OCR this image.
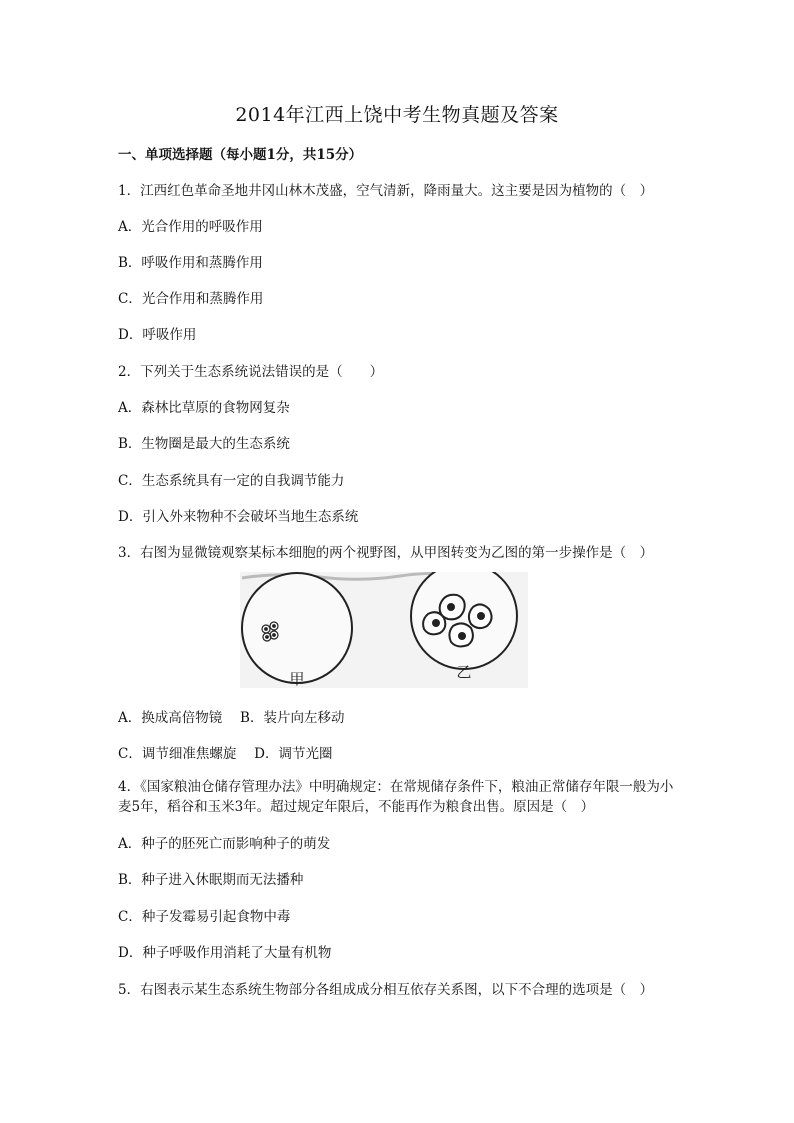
2014年江西上饶中考生物真题及答案
一、单项选择题（每小题1分，共15分）
1．江西红色革命圣地井冈山林木茂盛，空气清新，降雨量大。这主要是因为植物的（　）
A．光合作用的呼吸作用
B．呼吸作用和蒸腾作用
C．光合作用和蒸腾作用
D．呼吸作用
2．下列关于生态系统说法错误的是（　　）
A．森林比草原的食物网复杂
B．生物圈是最大的生态系统
C．生态系统具有一定的自我调节能力
D．引入外来物种不会破坏当地生态系统
3．右图为显微镜观察某标本细胞的两个视野图，从甲图转变为乙图的第一步操作是（　）
甲	乙
A．换成高倍物镜　 B．装片向左移动
C．调节细准焦螺旋　 D．调节光圈
4．《国家粮油仓储存管理办法》中明确规定：在常规储存条件下，粮油正常储存年限一般为小麦5年，稻谷和玉米3年。超过规定年限后，不能再作为粮食出售。原因是（　）
A．种子的胚死亡而影响种子的萌发
B．种子进入休眠期而无法播种
C．种子发霉易引起食物中毒
D．种子呼吸作用消耗了大量有机物
5．右图表示某生态系统生物部分各组成成分相互依存关系图，以下不合理的选项是（　）
